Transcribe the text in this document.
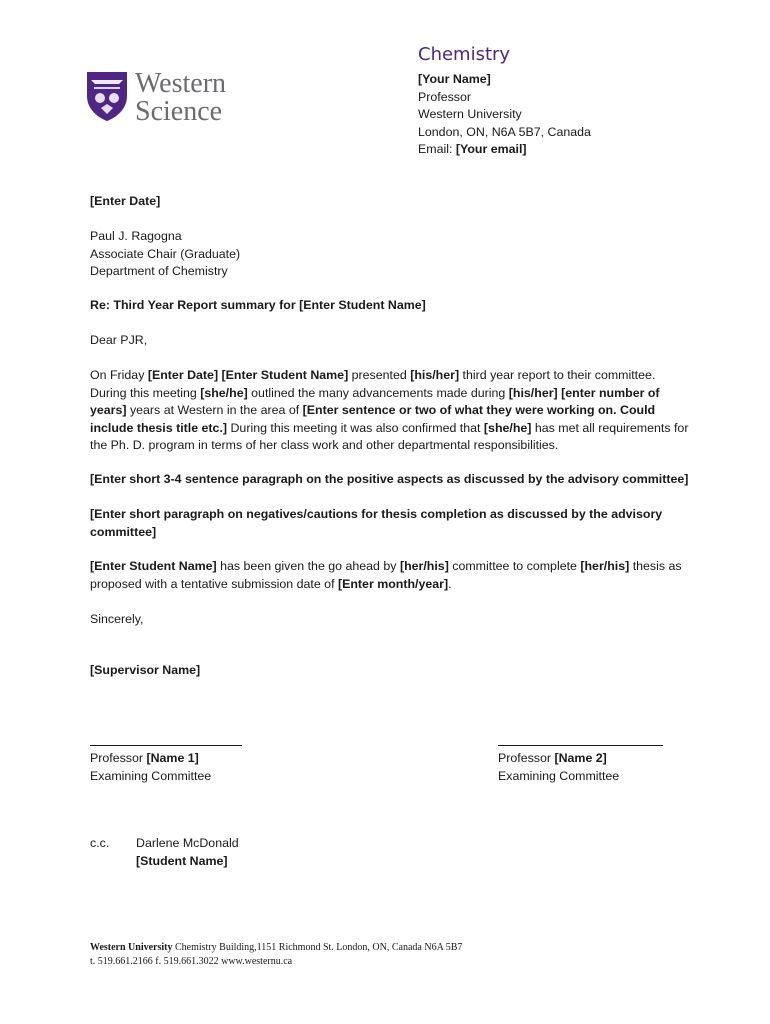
Western
Science
Chemistry
[Your Name]
Professor
Western University
London, ON, N6A 5B7, Canada
Email: [Your email]
[Enter Date]
Paul J. Ragogna
Associate Chair (Graduate)
Department of Chemistry
Re: Third Year Report summary for [Enter Student Name]
Dear PJR,
On Friday [Enter Date] [Enter Student Name] presented [his/her] third year report to their committee. During this meeting [she/he] outlined the many advancements made during [his/her] [enter number of years] years at Western in the area of [Enter sentence or two of what they were working on. Could include thesis title etc.] During this meeting it was also confirmed that [she/he] has met all requirements for the Ph. D. program in terms of her class work and other departmental responsibilities.
[Enter short 3-4 sentence paragraph on the positive aspects as discussed by the advisory committee]
[Enter short paragraph on negatives/cautions for thesis completion as discussed by the advisory committee]
[Enter Student Name] has been given the go ahead by [her/his] committee to complete [her/his] thesis as proposed with a tentative submission date of [Enter month/year].
Sincerely,
[Supervisor Name]
Professor [Name 1]
Examining Committee
Professor [Name 2]
Examining Committee
c.c. Darlene McDonald
[Student Name]
Western University Chemistry Building,1151 Richmond St. London, ON, Canada N6A 5B7
t. 519.661.2166 f. 519.661.3022 www.westernu.ca
